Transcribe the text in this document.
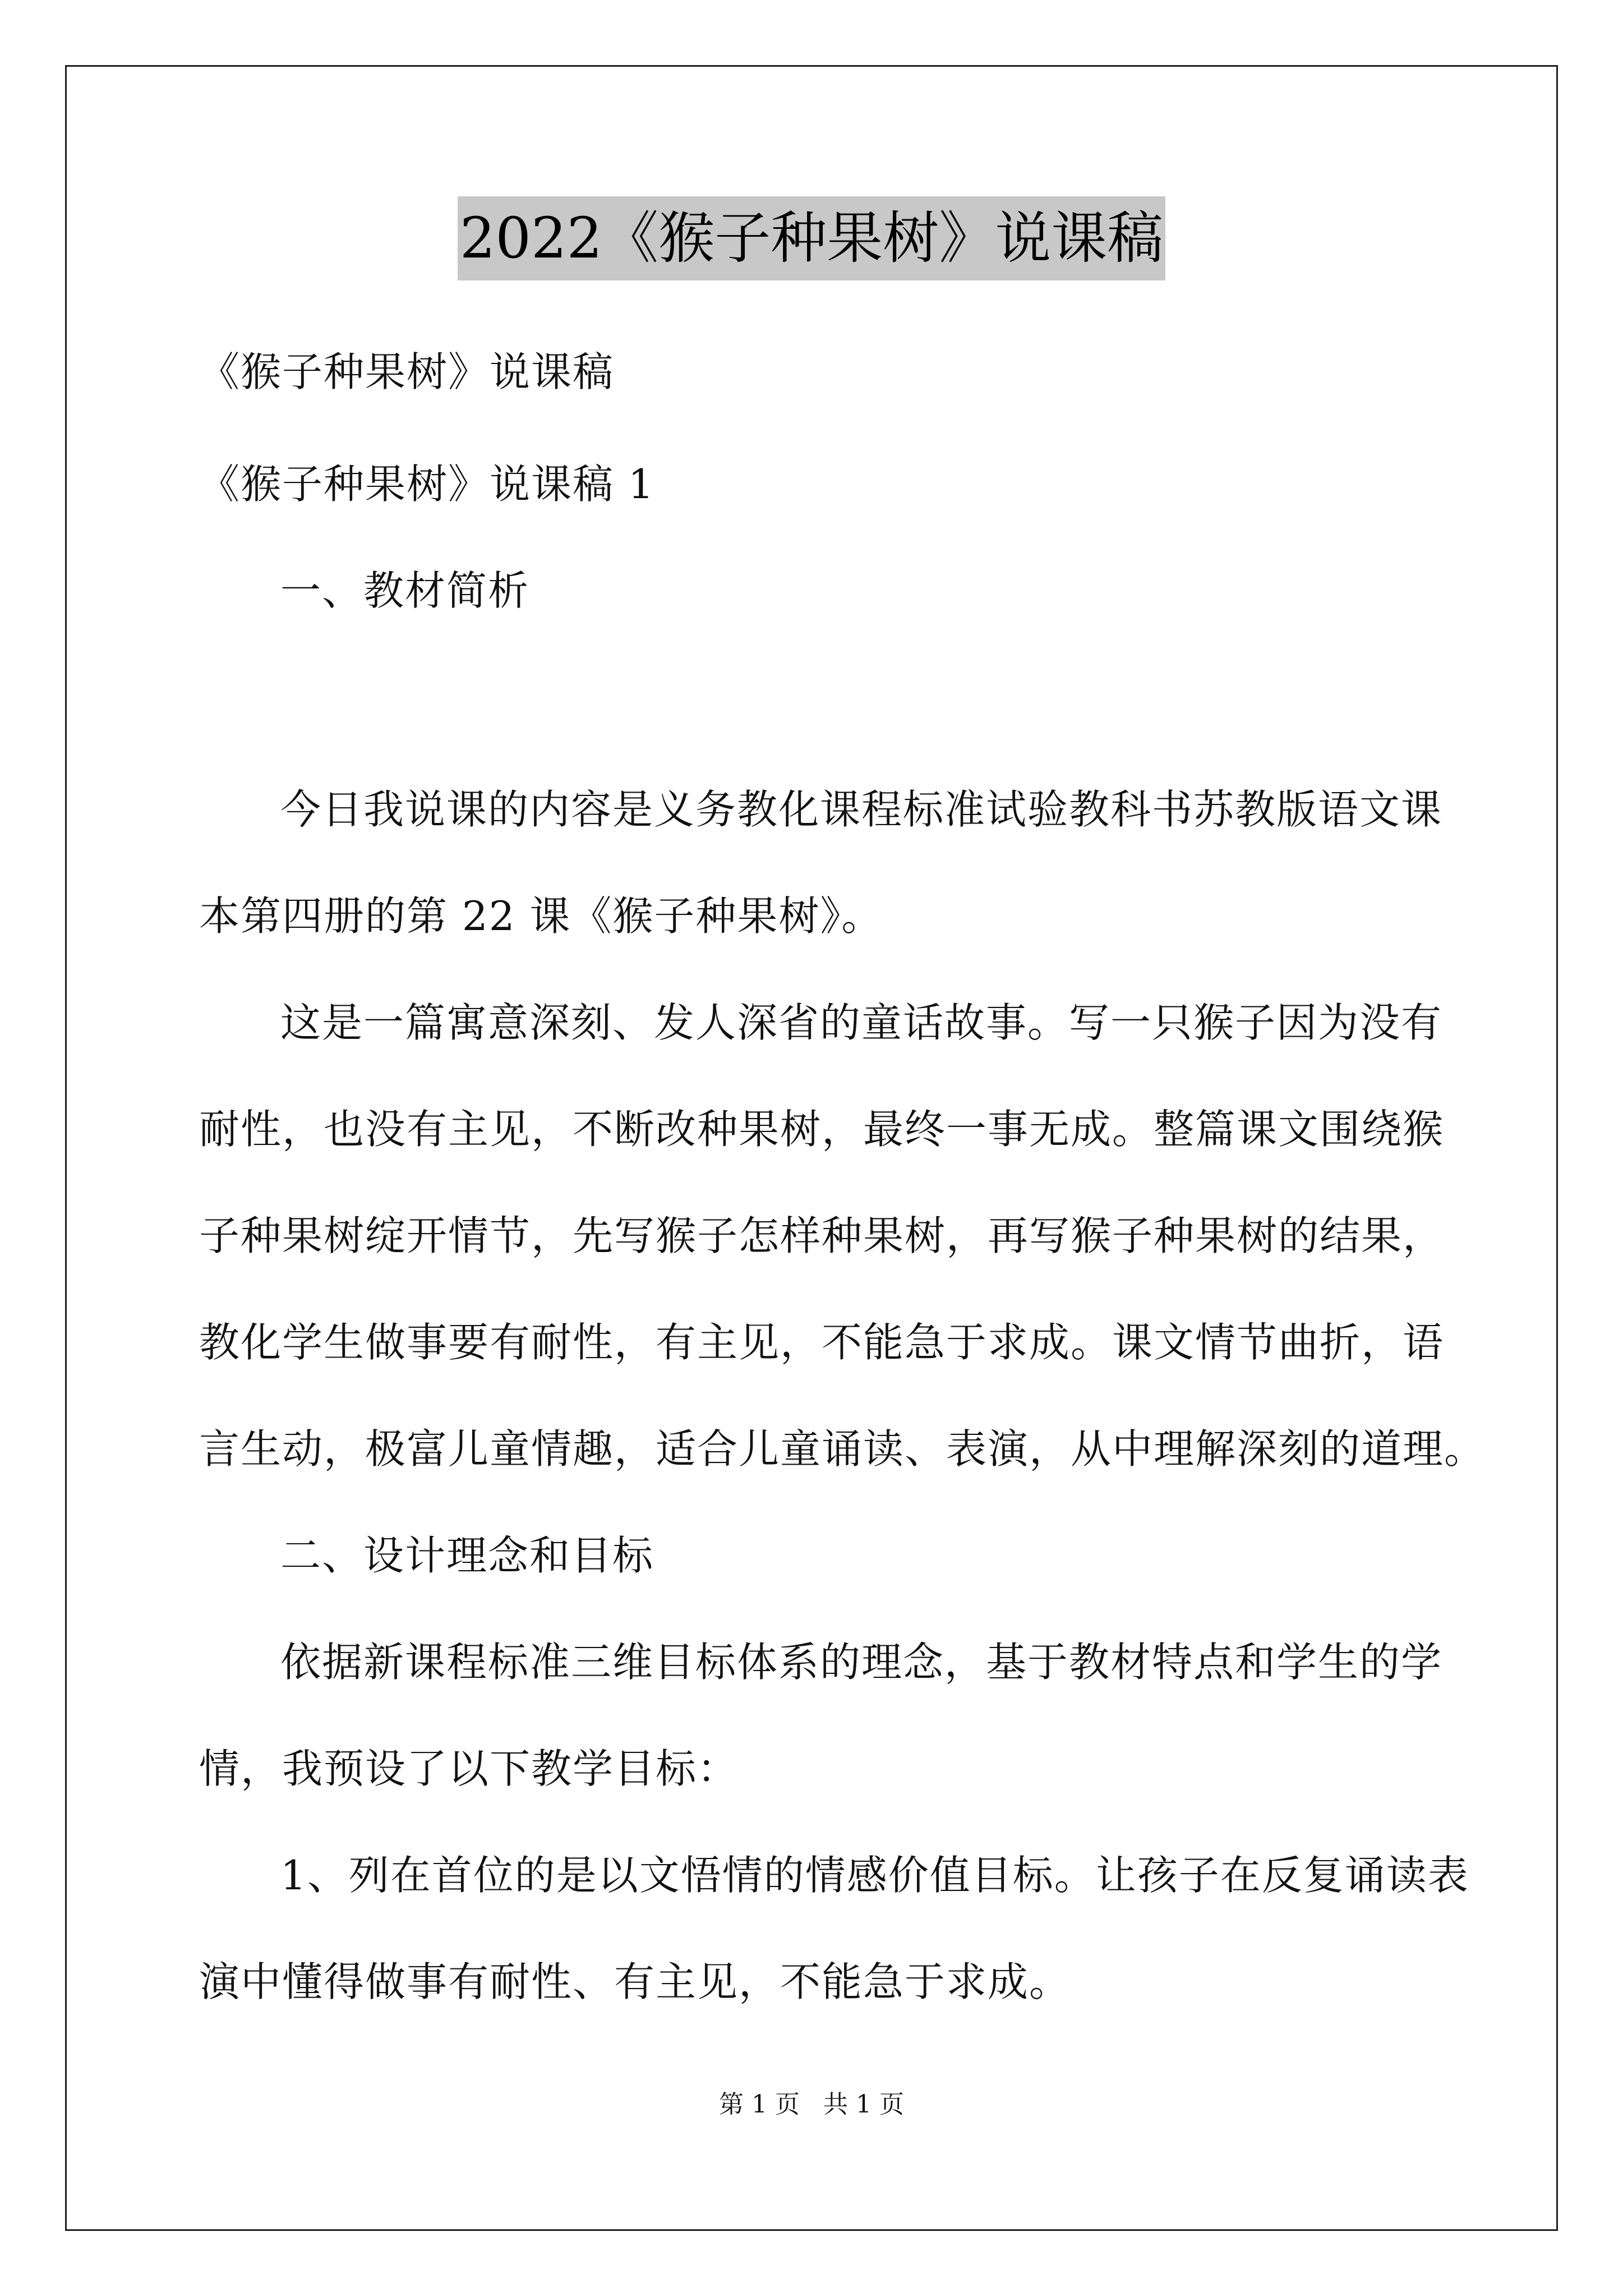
2022《猴子种果树》说课稿
《猴子种果树》说课稿
《猴子种果树》说课稿 1
一、教材简析
今日我说课的内容是义务教化课程标准试验教科书苏教版语文课
本第四册的第 22 课《猴子种果树》。
这是一篇寓意深刻、发人深省的童话故事。写一只猴子因为没有
耐性，也没有主见，不断改种果树，最终一事无成。整篇课文围绕猴
子种果树绽开情节，先写猴子怎样种果树，再写猴子种果树的结果，
教化学生做事要有耐性，有主见，不能急于求成。课文情节曲折，语
言生动，极富儿童情趣，适合儿童诵读、表演，从中理解深刻的道理。
二、设计理念和目标
依据新课程标准三维目标体系的理念，基于教材特点和学生的学
情，我预设了以下教学目标：
1、列在首位的是以文悟情的情感价值目标。让孩子在反复诵读表
演中懂得做事有耐性、有主见，不能急于求成。
第 1 页   共 1 页
